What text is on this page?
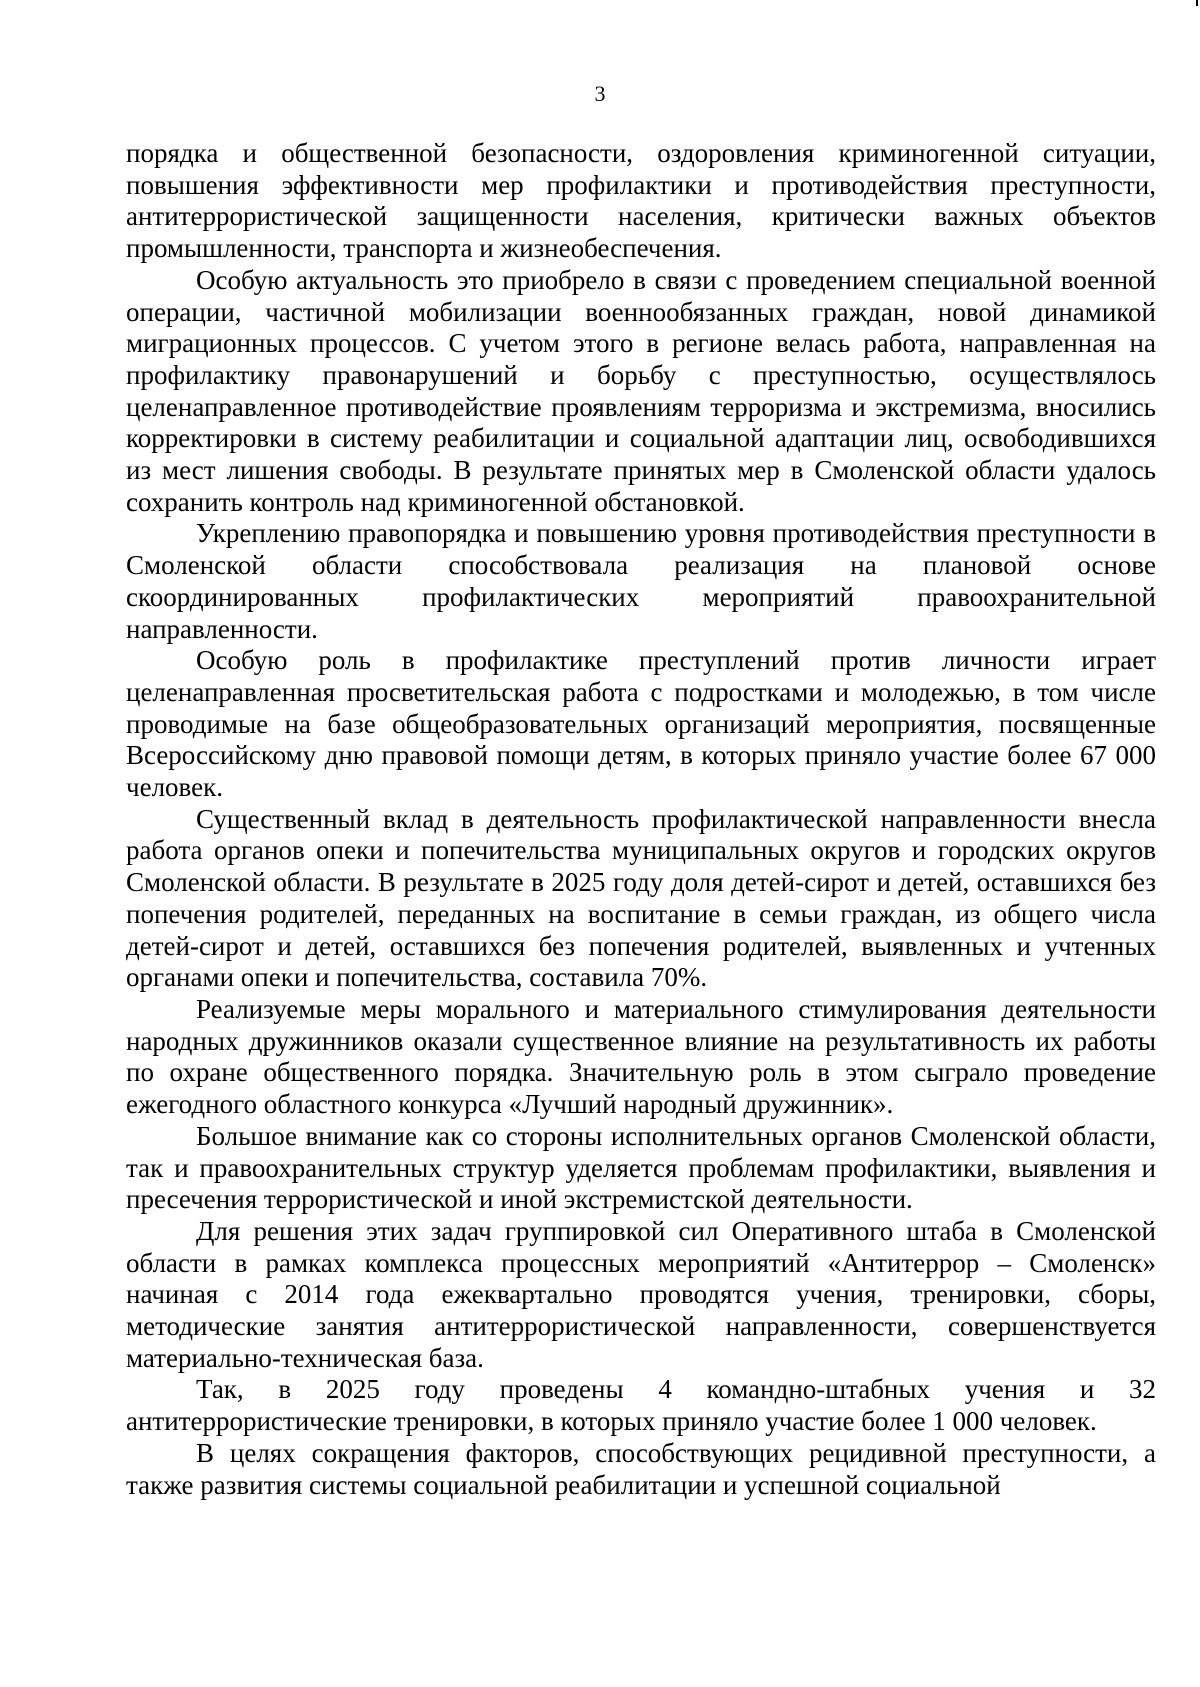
3

порядка и общественной безопасности, оздоровления криминогенной ситуации, повышения эффективности мер профилактики и противодействия преступности, антитеррористической защищенности населения, критически важных объектов промышленности, транспорта и жизнеобеспечения.

Особую актуальность это приобрело в связи с проведением специальной военной операции, частичной мобилизации военнообязанных граждан, новой динамикой миграционных процессов. С учетом этого в регионе велась работа, направленная на профилактику правонарушений и борьбу с преступностью, осуществлялось целенаправленное противодействие проявлениям терроризма и экстремизма, вносились корректировки в систему реабилитации и социальной адаптации лиц, освободившихся из мест лишения свободы. В результате принятых мер в Смоленской области удалось сохранить контроль над криминогенной обстановкой.

Укреплению правопорядка и повышению уровня противодействия преступности в Смоленской области способствовала реализация на плановой основе скоординированных профилактических мероприятий правоохранительной направленности.

Особую роль в профилактике преступлений против личности играет целенаправленная просветительская работа с подростками и молодежью, в том числе проводимые на базе общеобразовательных организаций мероприятия, посвященные Всероссийскому дню правовой помощи детям, в которых приняло участие более 67 000 человек.

Существенный вклад в деятельность профилактической направленности внесла работа органов опеки и попечительства муниципальных округов и городских округов Смоленской области. В результате в 2025 году доля детей-сирот и детей, оставшихся без попечения родителей, переданных на воспитание в семьи граждан, из общего числа детей-сирот и детей, оставшихся без попечения родителей, выявленных и учтенных органами опеки и попечительства, составила 70%.

Реализуемые меры морального и материального стимулирования деятельности народных дружинников оказали существенное влияние на результативность их работы по охране общественного порядка. Значительную роль в этом сыграло проведение ежегодного областного конкурса «Лучший народный дружинник».

Большое внимание как со стороны исполнительных органов Смоленской области, так и правоохранительных структур уделяется проблемам профилактики, выявления и пресечения террористической и иной экстремистской деятельности.

Для решения этих задач группировкой сил Оперативного штаба в Смоленской области в рамках комплекса процессных мероприятий «Антитеррор – Смоленск» начиная с 2014 года ежеквартально проводятся учения, тренировки, сборы, методические занятия антитеррористической направленности, совершенствуется материально-техническая база.

Так, в 2025 году проведены 4 командно-штабных учения и 32 антитеррористические тренировки, в которых приняло участие более 1 000 человек.

В целях сокращения факторов, способствующих рецидивной преступности, а также развития системы социальной реабилитации и успешной социальной
